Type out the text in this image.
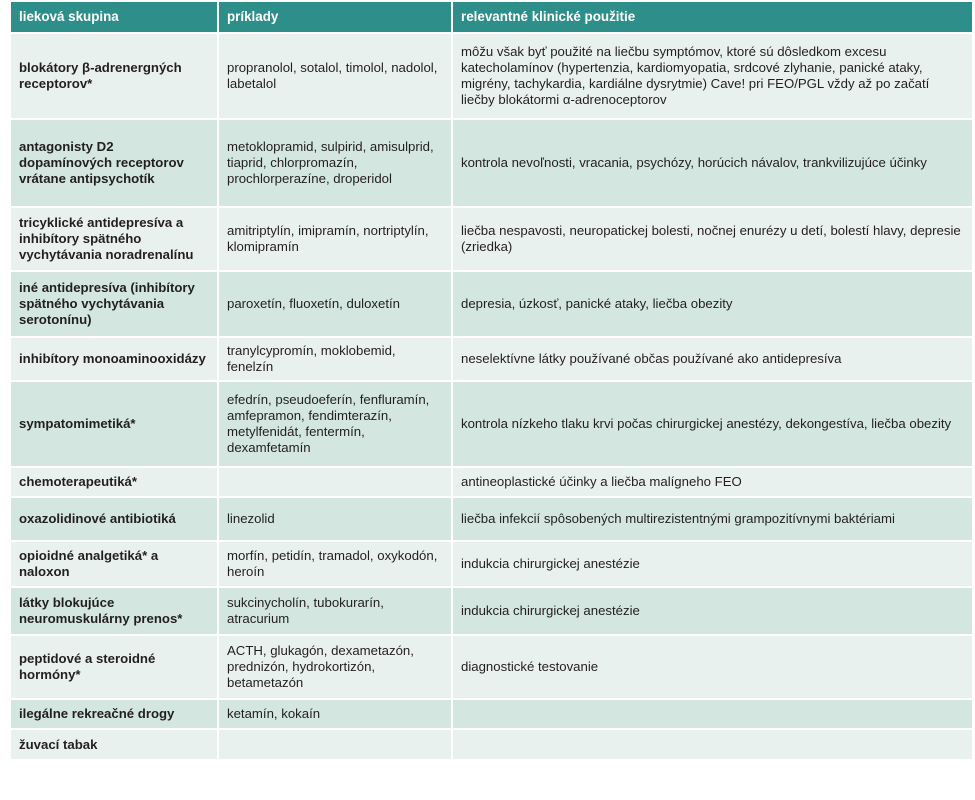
lieková skupina	príklady	relevantné klinické použitie
blokátory β-adrenergných receptorov*	propranolol, sotalol, timolol, nadolol, labetalol	môžu však byť použité na liečbu symptómov, ktoré sú dôsledkom excesu katecholamínov (hypertenzia, kardiomyopatia, srdcové zlyhanie, panické ataky, migrény, tachykardia, kardiálne dysrytmie) Cave! pri FEO/PGL vždy až po začatí liečby blokátormi α-adrenoceptorov
antagonisty D2 dopamínových receptorov vrátane antipsychotík	metoklopramid, sulpirid, amisulprid, tiaprid, chlorpromazín, prochlorperazíne, droperidol	kontrola nevoľnosti, vracania, psychózy, horúcich návalov, trankvilizujúce účinky
tricyklické antidepresíva a inhibítory spätného vychytávania noradrenalínu	amitriptylín, imipramín, nortriptylín, klomipramín	liečba nespavosti, neuropatickej bolesti, nočnej enurézy u detí, bolestí hlavy, depresie (zriedka)
iné antidepresíva (inhibítory spätného vychytávania serotonínu)	paroxetín, fluoxetín, duloxetín	depresia, úzkosť, panické ataky, liečba obezity
inhibítory monoaminooxidázy	tranylcypromín, moklobemid, fenelzín	neselektívne látky používané občas používané ako antidepresíva
sympatomimetiká*	efedrín, pseudoeferín, fenfluramín, amfepramon, fendimterazín, metylfenidát, fentermín, dexamfetamín	kontrola nízkeho tlaku krvi počas chirurgickej anestézy, dekongestíva, liečba obezity
chemoterapeutiká*		antineoplastické účinky a liečba malígneho FEO
oxazolidinové antibiotiká	linezolid	liečba infekcií spôsobených multirezistentnými grampozitívnymi baktériami
opioidné analgetiká* a naloxon	morfín, petidín, tramadol, oxykodón, heroín	indukcia chirurgickej anestézie
látky blokujúce neuromuskulárny prenos*	sukcinycholín, tubokurarín, atracurium	indukcia chirurgickej anestézie
peptidové a steroidné hormóny*	ACTH, glukagón, dexametazón, prednizón, hydrokortizón, betametazón	diagnostické testovanie
ilegálne rekreačné drogy	ketamín, kokaín	
žuvací tabak		
